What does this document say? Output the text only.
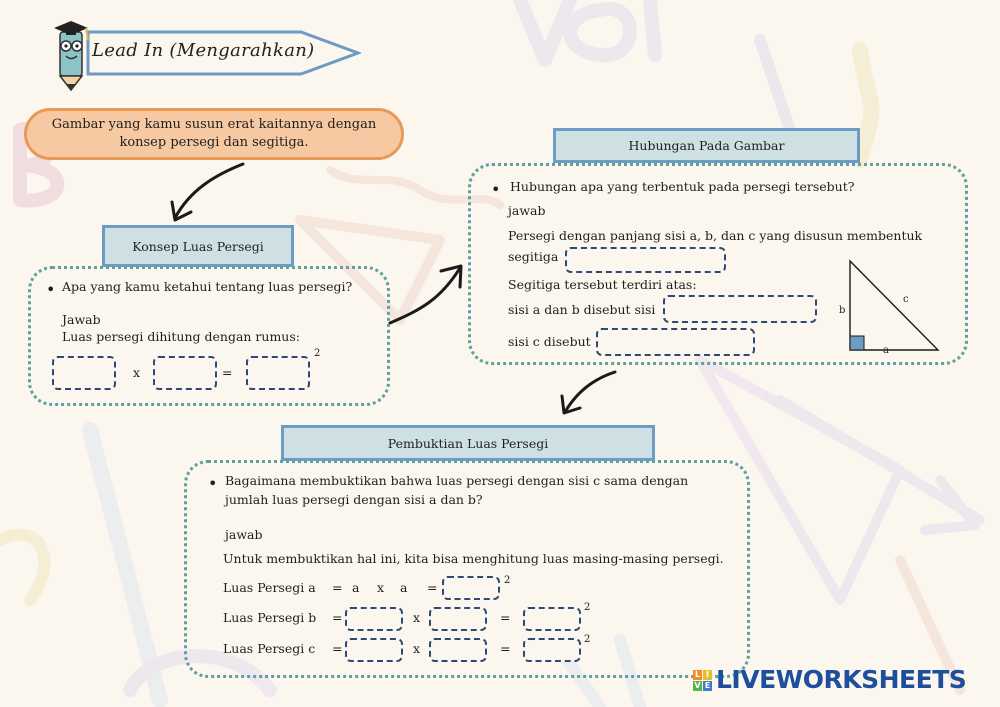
Lead In (Mengarahkan)
Gambar yang kamu susun erat kaitannya dengan konsep persegi dan segitiga.
Konsep Luas Persegi
• Apa yang kamu ketahui tentang luas persegi?
Jawab
Luas persegi dihitung dengan rumus:
x	=
2
Hubungan Pada Gambar
• Hubungan apa yang terbentuk pada persegi tersebut?
jawab
Persegi dengan panjang sisi a, b, dan c yang disusun membentuk
segitiga
Segitiga tersebut terdiri atas:
sisi a dan b disebut sisi
sisi c disebut
b
c
a
Pembuktian Luas Persegi
• Bagaimana membuktikan bahwa luas persegi dengan sisi c sama dengan
jumlah luas persegi dengan sisi a dan b?
jawab
Untuk membuktikan hal ini, kita bisa menghitung luas masing-masing persegi.
Luas Persegi a = a x a =	2
Luas Persegi b =	x	=
2
Luas Persegi c =	x	=
2
L I
V E LIVEWORKSHEETS
